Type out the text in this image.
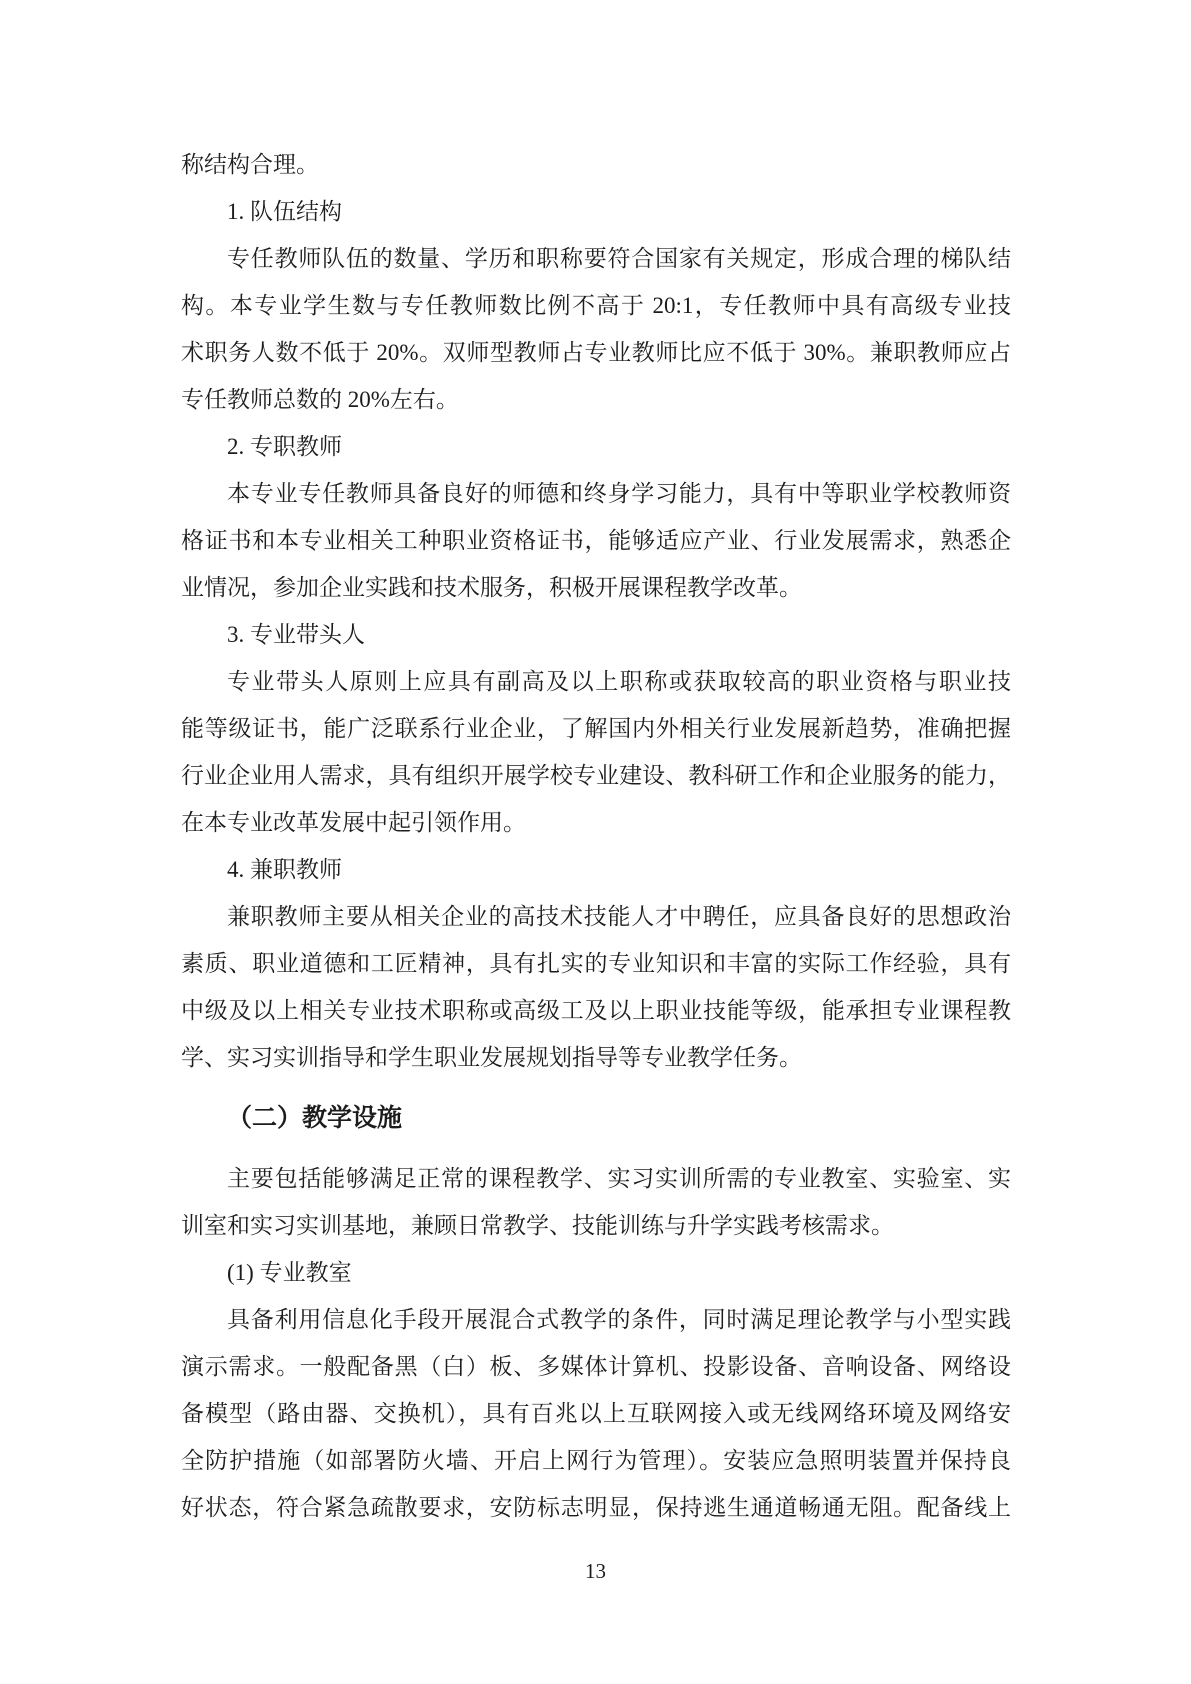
称结构合理。
1. 队伍结构
专任教师队伍的数量、学历和职称要符合国家有关规定，形成合理的梯队结
构。本专业学生数与专任教师数比例不高于 20:1，专任教师中具有高级专业技
术职务人数不低于 20%。双师型教师占专业教师比应不低于 30%。兼职教师应占
专任教师总数的 20%左右。
2. 专职教师
本专业专任教师具备良好的师德和终身学习能力，具有中等职业学校教师资
格证书和本专业相关工种职业资格证书，能够适应产业、行业发展需求，熟悉企
业情况，参加企业实践和技术服务，积极开展课程教学改革。
3. 专业带头人
专业带头人原则上应具有副高及以上职称或获取较高的职业资格与职业技
能等级证书，能广泛联系行业企业，了解国内外相关行业发展新趋势，准确把握
行业企业用人需求，具有组织开展学校专业建设、教科研工作和企业服务的能力，
在本专业改革发展中起引领作用。
4. 兼职教师
兼职教师主要从相关企业的高技术技能人才中聘任，应具备良好的思想政治
素质、职业道德和工匠精神，具有扎实的专业知识和丰富的实际工作经验，具有
中级及以上相关专业技术职称或高级工及以上职业技能等级，能承担专业课程教
学、实习实训指导和学生职业发展规划指导等专业教学任务。
（二）教学设施
主要包括能够满足正常的课程教学、实习实训所需的专业教室、实验室、实
训室和实习实训基地，兼顾日常教学、技能训练与升学实践考核需求。
(1) 专业教室
具备利用信息化手段开展混合式教学的条件，同时满足理论教学与小型实践
演示需求。一般配备黑（白）板、多媒体计算机、投影设备、音响设备、网络设
备模型（路由器、交换机），具有百兆以上互联网接入或无线网络环境及网络安
全防护措施（如部署防火墙、开启上网行为管理）。安装应急照明装置并保持良
好状态，符合紧急疏散要求，安防标志明显，保持逃生通道畅通无阻。配备线上
13
